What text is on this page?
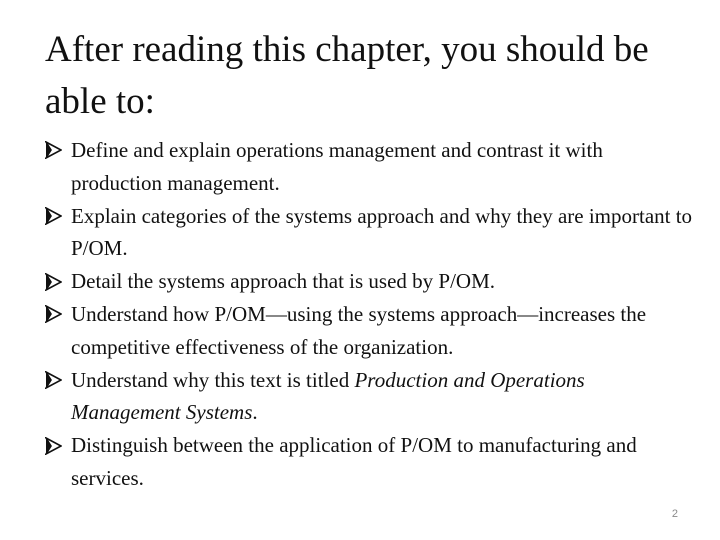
After reading this chapter, you should be able to:
Define and explain operations management and contrast it with production management.
Explain categories of the systems approach and why they are important to P/OM.
Detail the systems approach that is used by P/OM.
Understand how P/OM—using the systems approach—increases the competitive effectiveness of the organization.
Understand why this text is titled Production and Operations Management Systems.
Distinguish between the application of P/OM to manufacturing and services.
2
